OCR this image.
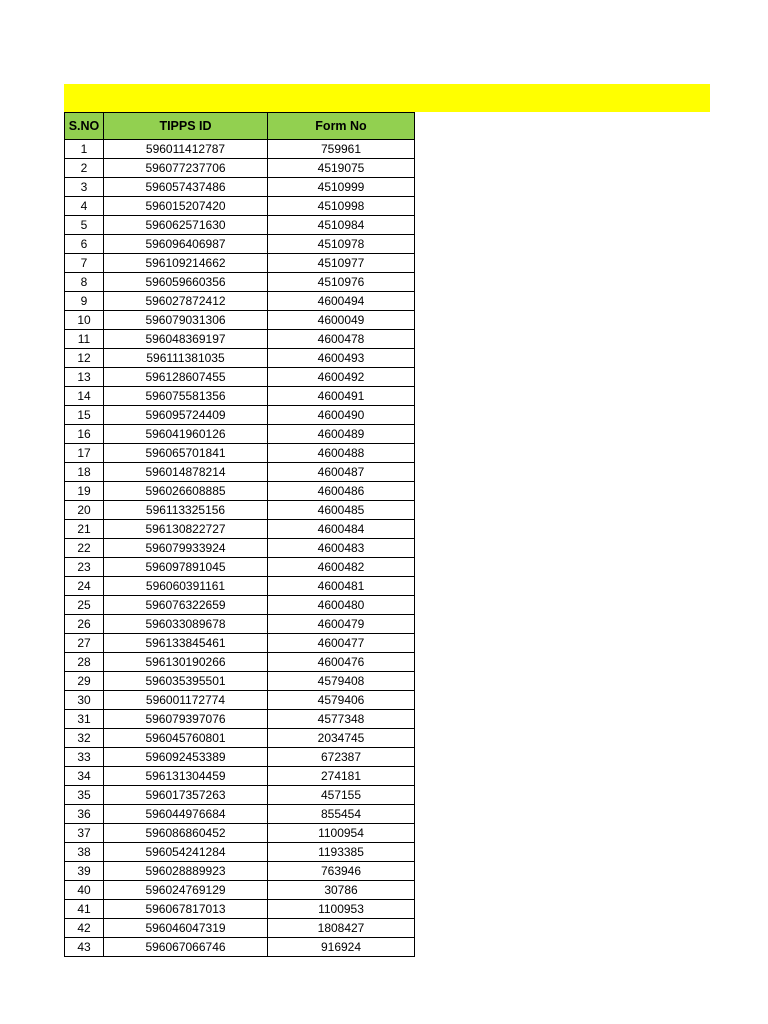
S.NO	TIPPS ID	Form No
1	596011412787	759961
2	596077237706	4519075
3	596057437486	4510999
4	596015207420	4510998
5	596062571630	4510984
6	596096406987	4510978
7	596109214662	4510977
8	596059660356	4510976
9	596027872412	4600494
10	596079031306	4600049
11	596048369197	4600478
12	596111381035	4600493
13	596128607455	4600492
14	596075581356	4600491
15	596095724409	4600490
16	596041960126	4600489
17	596065701841	4600488
18	596014878214	4600487
19	596026608885	4600486
20	596113325156	4600485
21	596130822727	4600484
22	596079933924	4600483
23	596097891045	4600482
24	596060391161	4600481
25	596076322659	4600480
26	596033089678	4600479
27	596133845461	4600477
28	596130190266	4600476
29	596035395501	4579408
30	596001172774	4579406
31	596079397076	4577348
32	596045760801	2034745
33	596092453389	672387
34	596131304459	274181
35	596017357263	457155
36	596044976684	855454
37	596086860452	1100954
38	596054241284	1193385
39	596028889923	763946
40	596024769129	30786
41	596067817013	1100953
42	596046047319	1808427
43	596067066746	916924
